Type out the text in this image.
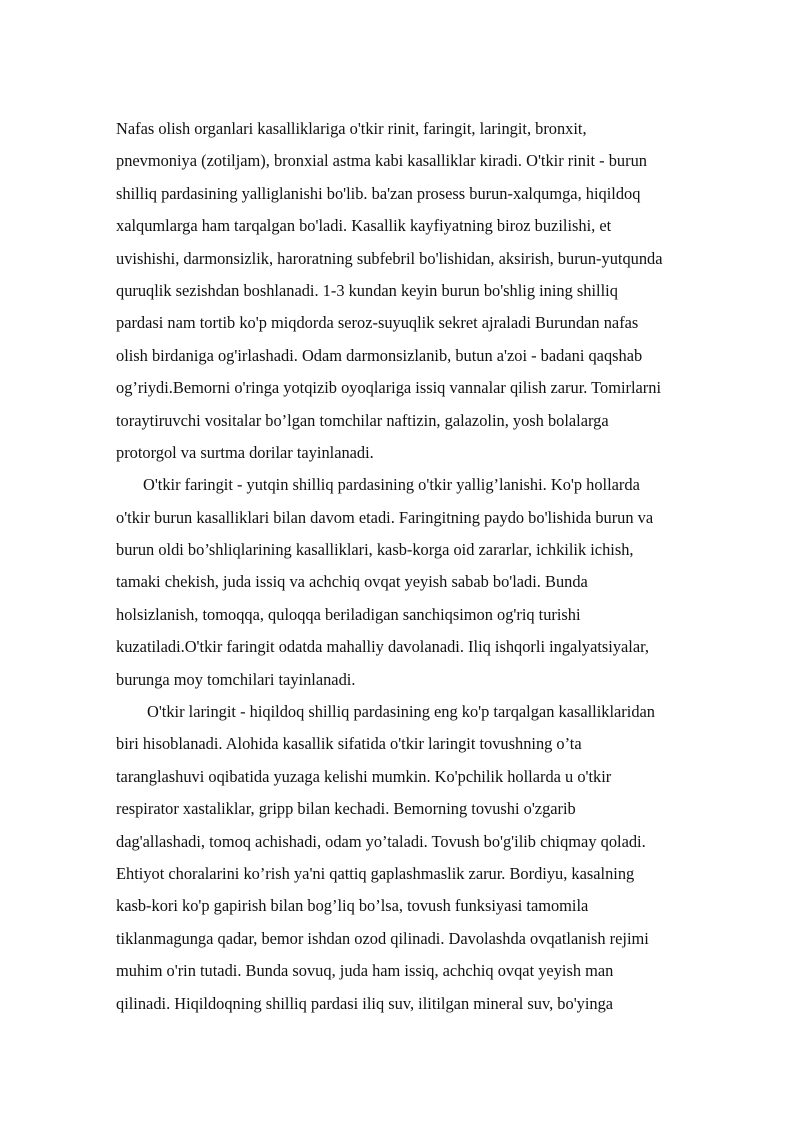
Nafas olish organlari kasalliklariga o'tkir rinit, faringit, laringit, bronxit,
pnevmoniya (zotiljam), bronxial astma kabi kasalliklar kiradi. O'tkir rinit - burun
shilliq pardasining yalliglanishi bo'lib. ba'zan prosess burun-xalqumga, hiqildoq
xalqumlarga ham tarqalgan bo'ladi. Kasallik kayfiyatning biroz buzilishi, et
uvishishi, darmonsizlik, haroratning subfebril bo'lishidan, aksirish, burun-yutqunda
quruqlik sezishdan boshlanadi. 1-3 kundan keyin burun bo'shlig ining shilliq
pardasi nam tortib ko'p miqdorda seroz-suyuqlik sekret ajraladi Burundan nafas
olish birdaniga og'irlashadi. Odam darmonsizlanib, butun a'zoi - badani qaqshab
og’riydi.Bemorni o'ringa yotqizib oyoqlariga issiq vannalar qilish zarur. Tomirlarni
toraytiruvchi vositalar bo’lgan tomchilar naftizin, galazolin, yosh bolalarga
protorgol va surtma dorilar tayinlanadi.
O'tkir faringit - yutqin shilliq pardasining o'tkir yallig’lanishi. Ko'p hollarda
o'tkir burun kasalliklari bilan davom etadi. Faringitning paydo bo'lishida burun va
burun oldi bo’shliqlarining kasalliklari, kasb-korga oid zararlar, ichkilik ichish,
tamaki chekish, juda issiq va achchiq ovqat yeyish sabab bo'ladi. Bunda
holsizlanish, tomoqqa, quloqqa beriladigan sanchiqsimon og'riq turishi
kuzatiladi.O'tkir faringit odatda mahalliy davolanadi. Iliq ishqorli ingalyatsiyalar,
burunga moy tomchilari tayinlanadi.
O'tkir laringit - hiqildoq shilliq pardasining eng ko'p tarqalgan kasalliklaridan
biri hisoblanadi. Alohida kasallik sifatida o'tkir laringit tovushning o’ta
taranglashuvi oqibatida yuzaga kelishi mumkin. Ko'pchilik hollarda u o'tkir
respirator xastaliklar, gripp bilan kechadi. Bemorning tovushi o'zgarib
dag'allashadi, tomoq achishadi, odam yo’taladi. Tovush bo'g'ilib chiqmay qoladi.
Ehtiyot choralarini ko’rish ya'ni qattiq gaplashmaslik zarur. Bordiyu, kasalning
kasb-kori ko'p gapirish bilan bog’liq bo’lsa, tovush funksiyasi tamomila
tiklanmagunga qadar, bemor ishdan ozod qilinadi. Davolashda ovqatlanish rejimi
muhim o'rin tutadi. Bunda sovuq, juda ham issiq, achchiq ovqat yeyish man
qilinadi. Hiqildoqning shilliq pardasi iliq suv, ilitilgan mineral suv, bo'yinga
